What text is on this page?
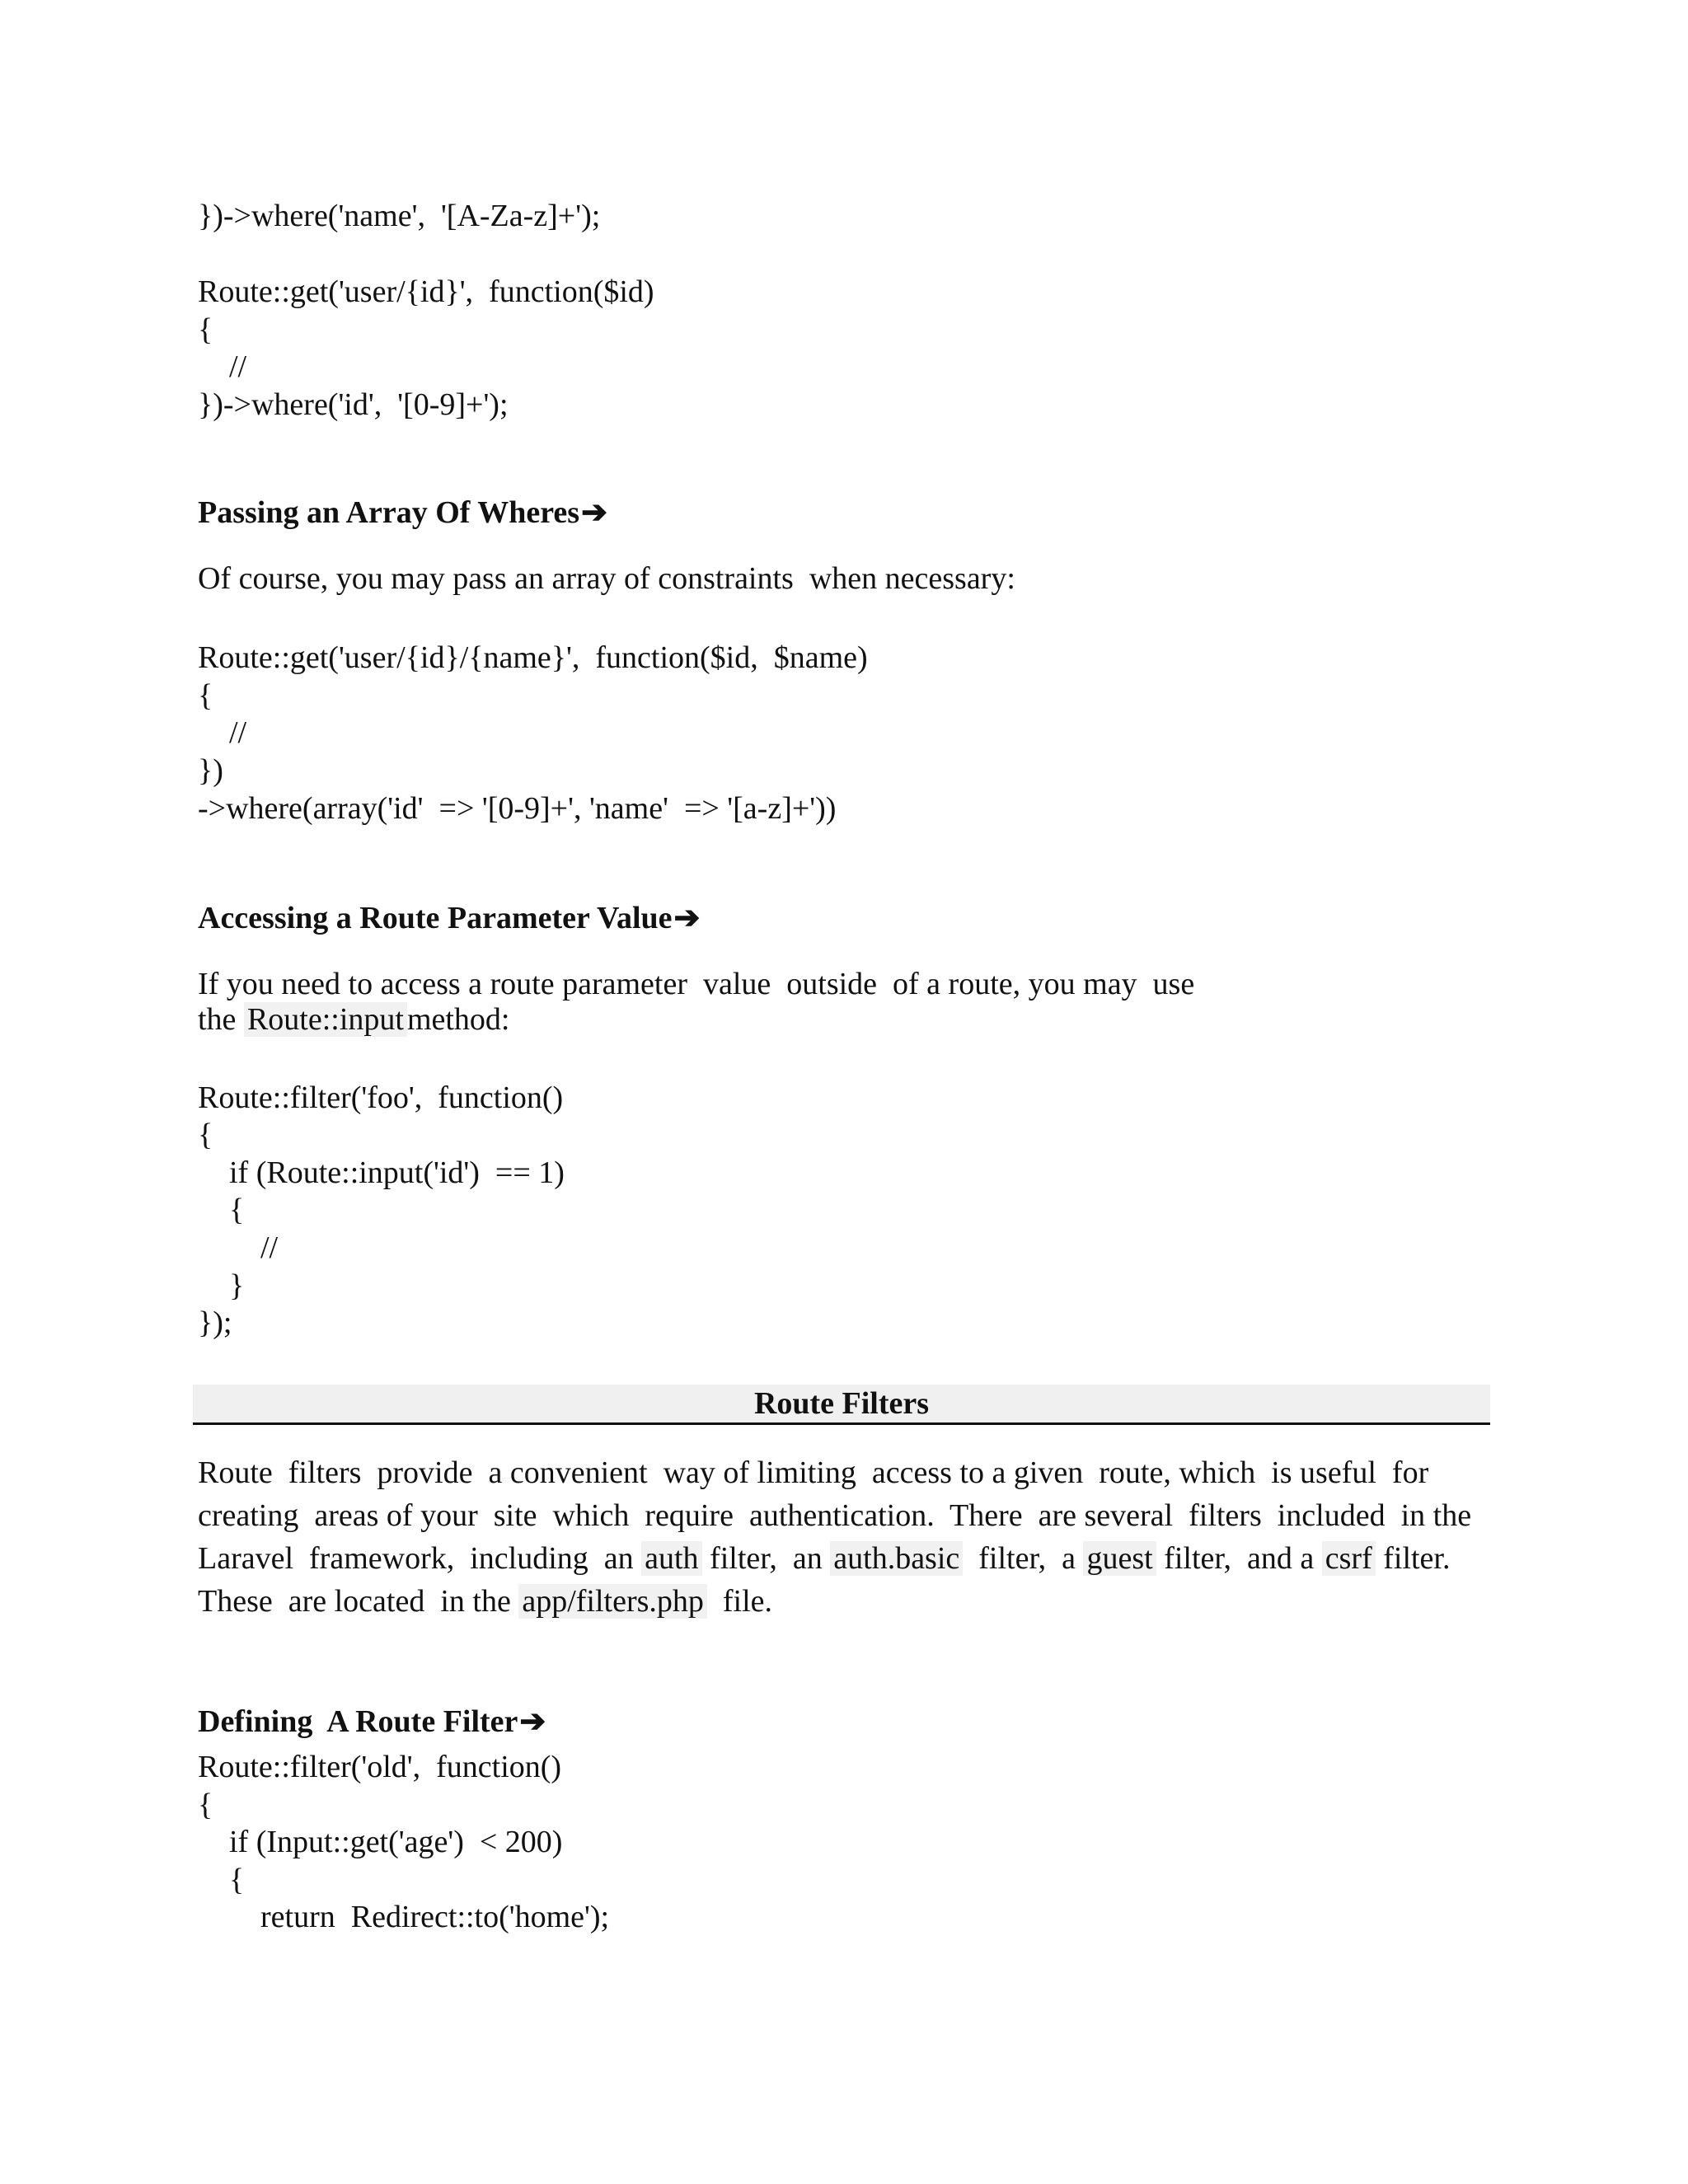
})->where('name',  '[A-Za-z]+');
Route::get('user/{id}',  function($id)
{
//
})->where('id',  '[0-9]+');
Passing an Array Of Wheres➔
Of course, you may pass an array of constraints  when necessary:
Route::get('user/{id}/{name}',  function($id,  $name)
{
//
})
->where(array('id'  => '[0-9]+', 'name'  => '[a-z]+'))
Accessing a Route Parameter Value➔
If you need to access a route parameter  value  outside  of a route, you may  use
the Route::input method:
Route::filter('foo',  function()
{
if (Route::input('id')  == 1)
{
//
}
});
Route Filters
Route  filters  provide  a convenient  way of limiting  access to a given  route, which  is useful  for
creating  areas of your  site  which  require  authentication.  There  are several  filters  included  in the
Laravel  framework,  including  an auth filter,  an auth.basic  filter,  a guest filter,  and a csrf filter.
These  are located  in the app/filters.php  file.
Defining  A Route Filter➔
Route::filter('old',  function()
{
if (Input::get('age')  < 200)
{
return  Redirect::to('home');
